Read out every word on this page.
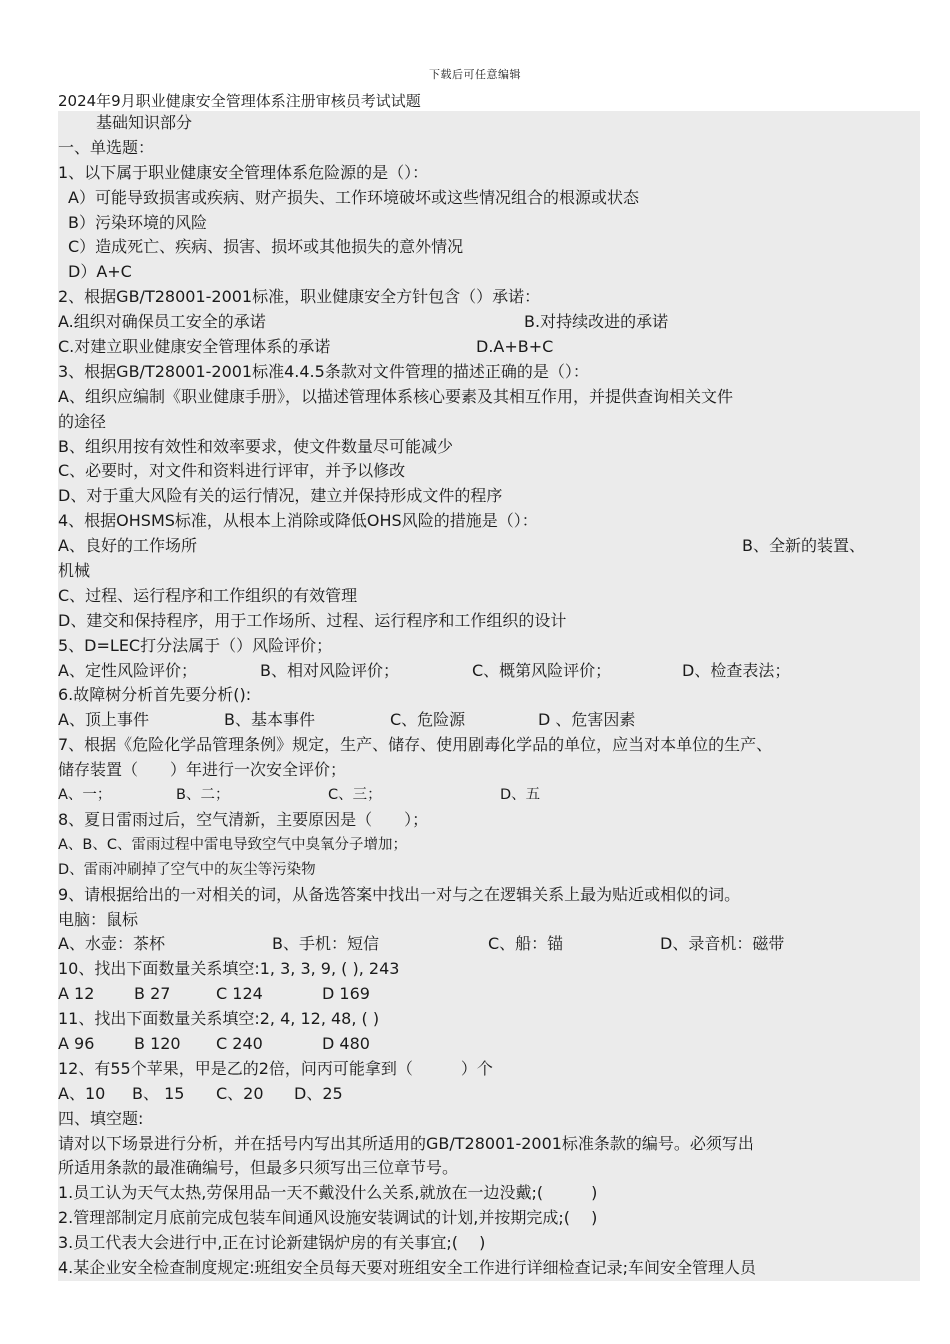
下载后可任意编辑
2024年9月职业健康安全管理体系注册审核员考试试题
基础知识部分
一、单选题：
1、以下属于职业健康安全管理体系危险源的是（）：
A）可能导致损害或疾病、财产损失、工作环境破坏或这些情况组合的根源或状态
B）污染环境的风险
C）造成死亡、疾病、损害、损坏或其他损失的意外情况
D）A+C
2、根据GB/T28001-2001标准，职业健康安全方针包含（）承诺：
A.组织对确保员工安全的承诺	B.对持续改进的承诺
C.对建立职业健康安全管理体系的承诺	D.A+B+C
3、根据GB/T28001-2001标准4.4.5条款对文件管理的描述正确的是（）：
A、组织应编制《职业健康手册》，以描述管理体系核心要素及其相互作用，并提供查询相关文件
的途径
B、组织用按有效性和效率要求，使文件数量尽可能减少
C、必要时，对文件和资料进行评审，并予以修改
D、对于重大风险有关的运行情况，建立并保持形成文件的程序
4、根据OHSMS标准，从根本上消除或降低OHS风险的措施是（）：
A、良好的工作场所	B、全新的装置、
机械
C、过程、运行程序和工作组织的有效管理
D、建交和保持程序，用于工作场所、过程、运行程序和工作组织的设计
5、D=LEC打分法属于（）风险评价；
A、定性风险评价；	B、相对风险评价；	C、概第风险评价；	D、检查表法；
6.故障树分析首先要分析():
A、顶上事件	B、基本事件	C、危险源	D 、危害因素
7、根据《危险化学品管理条例》规定，生产、储存、使用剧毒化学品的单位，应当对本单位的生产、
储存装置（　　）年进行一次安全评价；
A、一；	B、二；	C、三；	D、五
8、夏日雷雨过后，空气清新，主要原因是（　　）；
A、B、C、雷雨过程中雷电导致空气中臭氧分子增加；
D、雷雨冲刷掉了空气中的灰尘等污染物
9、请根据给出的一对相关的词，从备选答案中找出一对与之在逻辑关系上最为贴近或相似的词。
电脑：鼠标
A、水壶：茶杯	B、手机：短信	C、船：锚	D、录音机：磁带
10、找出下面数量关系填空:1, 3, 3, 9, ( ), 243
A 12	B 27	C 124	D 169
11、找出下面数量关系填空:2, 4, 12, 48, ( )
A 96	B 120	C 240	D 480
12、有55个苹果，甲是乙的2倍，问丙可能拿到（　　　）个
A、10	B、 15	C、20	D、25
四、填空题:
请对以下场景进行分析，并在括号内写出其所适用的GB/T28001-2001标准条款的编号。必须写出
所适用条款的最准确编号，但最多只须写出三位章节号。
1.员工认为天气太热,劳保用品一天不戴没什么关系,就放在一边没戴;(　　　)
2.管理部制定月底前完成包装车间通风设施安装调试的计划,并按期完成;(　 )
3.员工代表大会进行中,正在讨论新建锅炉房的有关事宜;(　 )
4.某企业安全检查制度规定:班组安全员每天要对班组安全工作进行详细检查记录;车间安全管理人员
